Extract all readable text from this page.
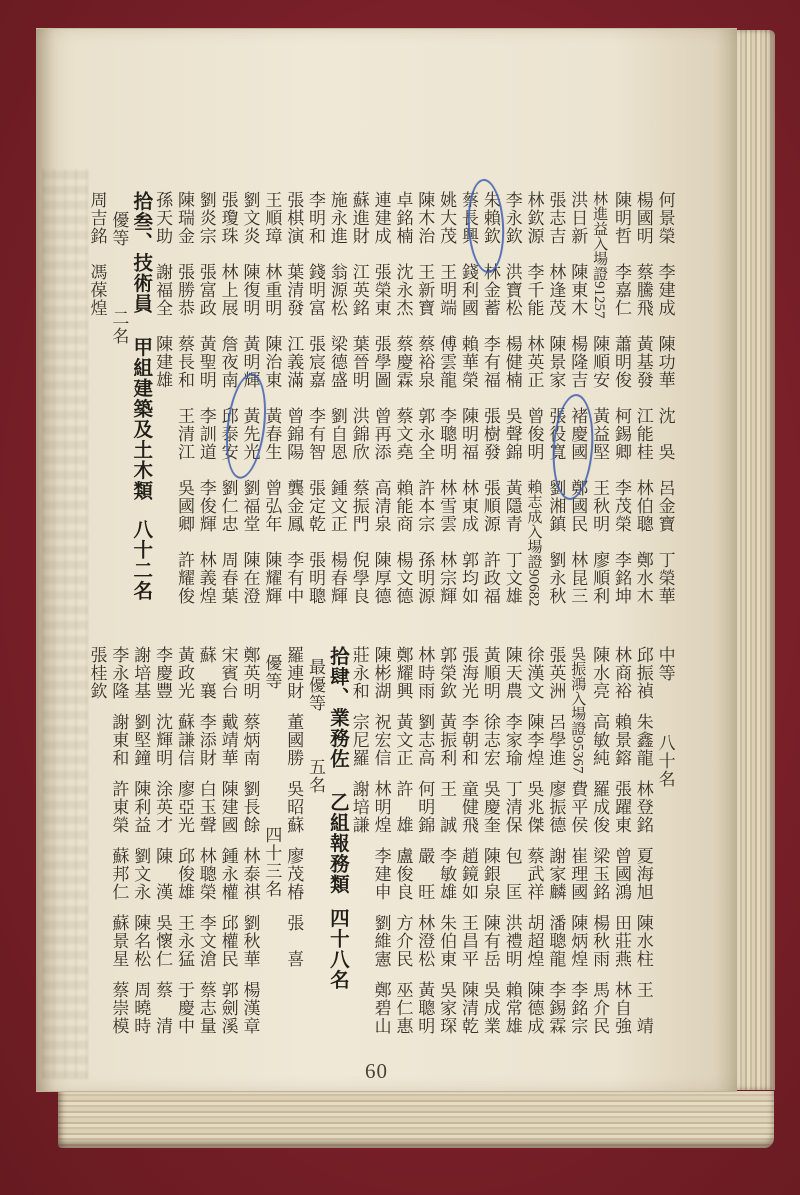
何景榮
李建成
陳功華
沈　吳
呂金寶
丁榮華
楊國明
蔡騰飛
黃基發
江能桂
林伯聰
鄭水木
陳明哲
李嘉仁
蕭明俊
柯錫卿
李茂榮
李銘坤
林進益入場證91257
陳順安
黃益堅
王秋明
廖順利
洪日新
陳東木
楊隆吉
褚慶國
鄭國民
林昆三
張志吉
林逢茂
陳景家
張役寬
劉湘鎮
劉永秋
林欽源
李千能
林英正
曾俊明
賴志成入場證90682
李永欽
洪寶松
楊健楠
吳聲錦
黃隱青
丁文雄
朱賴欽
林金蓄
李有福
張樹發
張順源
許政福
蔡長興
錢利國
賴華榮
陳明福
林東成
郭均如
姚大茂
王明端
傅雲龍
李聰明
林雪雲
林宗輝
陳木治
王新寶
蔡裕泉
郭永全
許本宗
孫明源
卓銘楠
沈永杰
蔡慶霖
蔡文堯
賴能商
楊文德
連建成
張榮東
張學圖
曾再添
高清泉
陳厚德
蘇進財
江英銘
葉晉明
洪錦欣
蔡振門
倪學良
施永進
翁源松
梁德盛
劉自恩
鍾文正
楊春輝
李明和
錢明富
張宸嘉
李有智
張定乾
張明聰
張棋演
葉清發
江義滿
曾錦陽
龔金鳳
李有中
王順璋
林重明
陳治東
黃春生
曾弘年
陳耀輝
劉文炎
陳復明
黃明輝
黃先光
劉福堂
陳在澄
張瓊珠
林上展
詹夜南
邱泰安
劉仁忠
周春葉
劉炎宗
張富政
黃聖明
李訓道
李俊輝
林義煌
陳瑞金
張勝恭
蔡長和
王清江
吳國卿
許耀俊
孫天助
謝福全
陳建雄
拾叁、技術員
甲組建築及土木類
八十二名
優等
二名
周吉銘
馮葆煌
中等
八十名
邱振禎
朱鑫龍
林登銘
夏海旭
陳水柱
王　靖
林商裕
賴景鎔
張躍東
曾國鴻
田莊燕
林自強
陳水亮
高敏純
羅成俊
梁玉銘
楊秋雨
馬介民
吳振鴻入場證95367
費平侯
崔理國
陳炳煌
李銘宗
張英洲
呂學進
廖振德
謝家麟
潘聰龍
李錫霖
徐漢文
陳李煌
吳兆傑
蔡武祥
胡超煌
陳德成
陳天農
李家瑜
丁清保
包　匡
洪禮明
賴常雄
黃順明
徐志宏
吳慶奎
陳銀泉
陳有岳
吳成業
張海光
李朝和
童健飛
趙鏡如
王昌平
陳清乾
郭榮欽
黃振利
王　誠
李敏雄
朱伯東
吳家琛
林時雨
劉志高
何明錦
嚴　旺
林澄松
黃聰明
鄭耀興
黃文正
許　雄
盧俊良
方介民
巫仁惠
陳彬湖
祝宏信
林明煌
李建申
劉維憲
鄭碧山
莊永和
宗尼羅
謝培謙
拾肆、業務佐
乙組報務類
四十八名
最優等
五名
羅連財
董國勝
吳昭蘇
廖茂椿
張　喜
優等
四十三名
鄭英明
蔡炳南
劉長餘
林泰祺
劉秋華
楊漢章
宋賓台
戴靖華
陳建國
鍾永權
邱權民
郭劍溪
蘇　襄
李添財
白玉聲
林聰榮
李文滄
蔡志量
黃政光
蘇謙信
廖亞光
邱俊雄
王永猛
于慶中
李慶豐
沈輝明
涂英才
陳　漢
吳懷仁
蔡　清
謝培基
劉堅鐘
陳利益
劉文永
陳名松
周曉時
李永隆
謝東和
許東榮
蘇邦仁
蘇景星
蔡崇模
張桂欽
60
